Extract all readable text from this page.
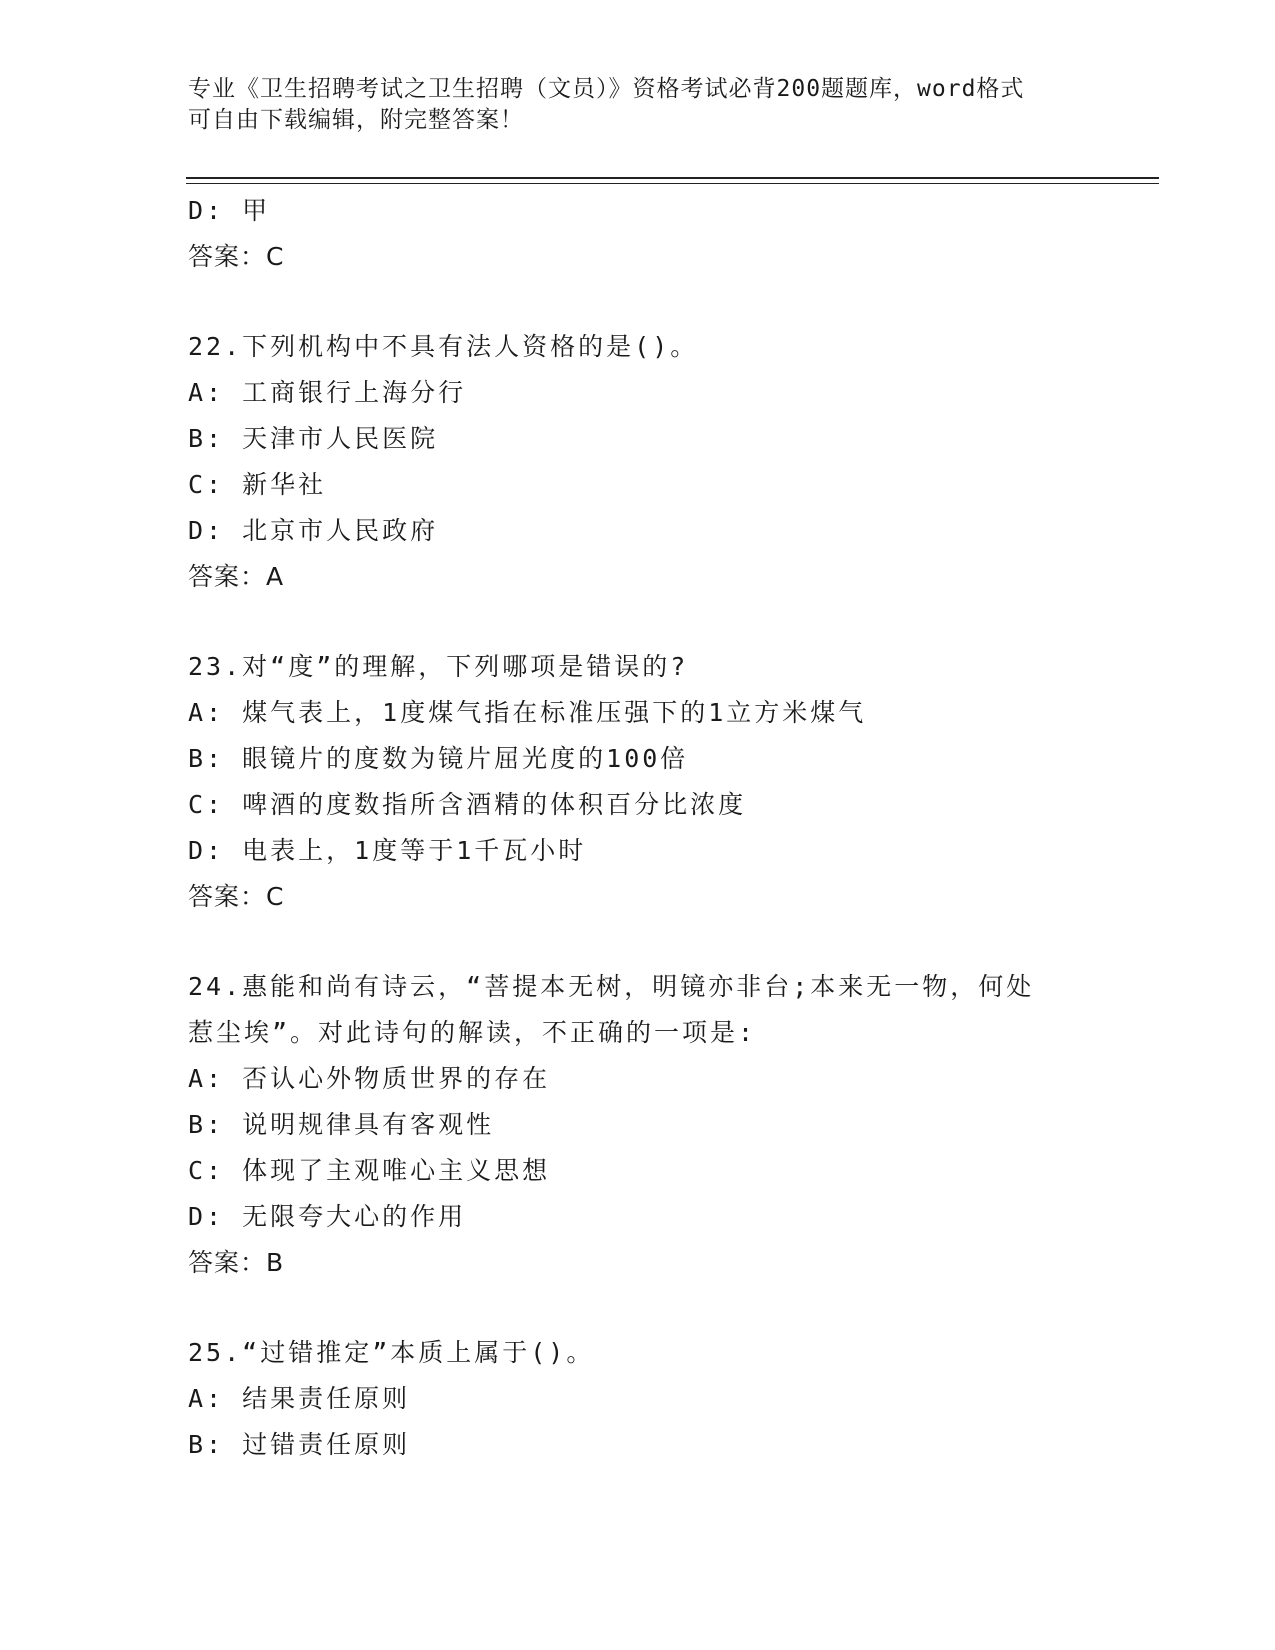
专业《卫生招聘考试之卫生招聘（文员）》资格考试必背200题题库，word格式
可自由下载编辑，附完整答案！
D: 甲
答案：C
22.下列机构中不具有法人资格的是()。
A: 工商银行上海分行
B: 天津市人民医院
C: 新华社
D: 北京市人民政府
答案：A
23.对“度”的理解，下列哪项是错误的?
A: 煤气表上，1度煤气指在标准压强下的1立方米煤气
B: 眼镜片的度数为镜片屈光度的100倍
C: 啤酒的度数指所含酒精的体积百分比浓度
D: 电表上，1度等于1千瓦小时
答案：C
24.惠能和尚有诗云，“菩提本无树，明镜亦非台;本来无一物，何处
惹尘埃”。对此诗句的解读，不正确的一项是:
A: 否认心外物质世界的存在
B: 说明规律具有客观性
C: 体现了主观唯心主义思想
D: 无限夸大心的作用
答案：B
25.“过错推定”本质上属于()。
A: 结果责任原则
B: 过错责任原则
